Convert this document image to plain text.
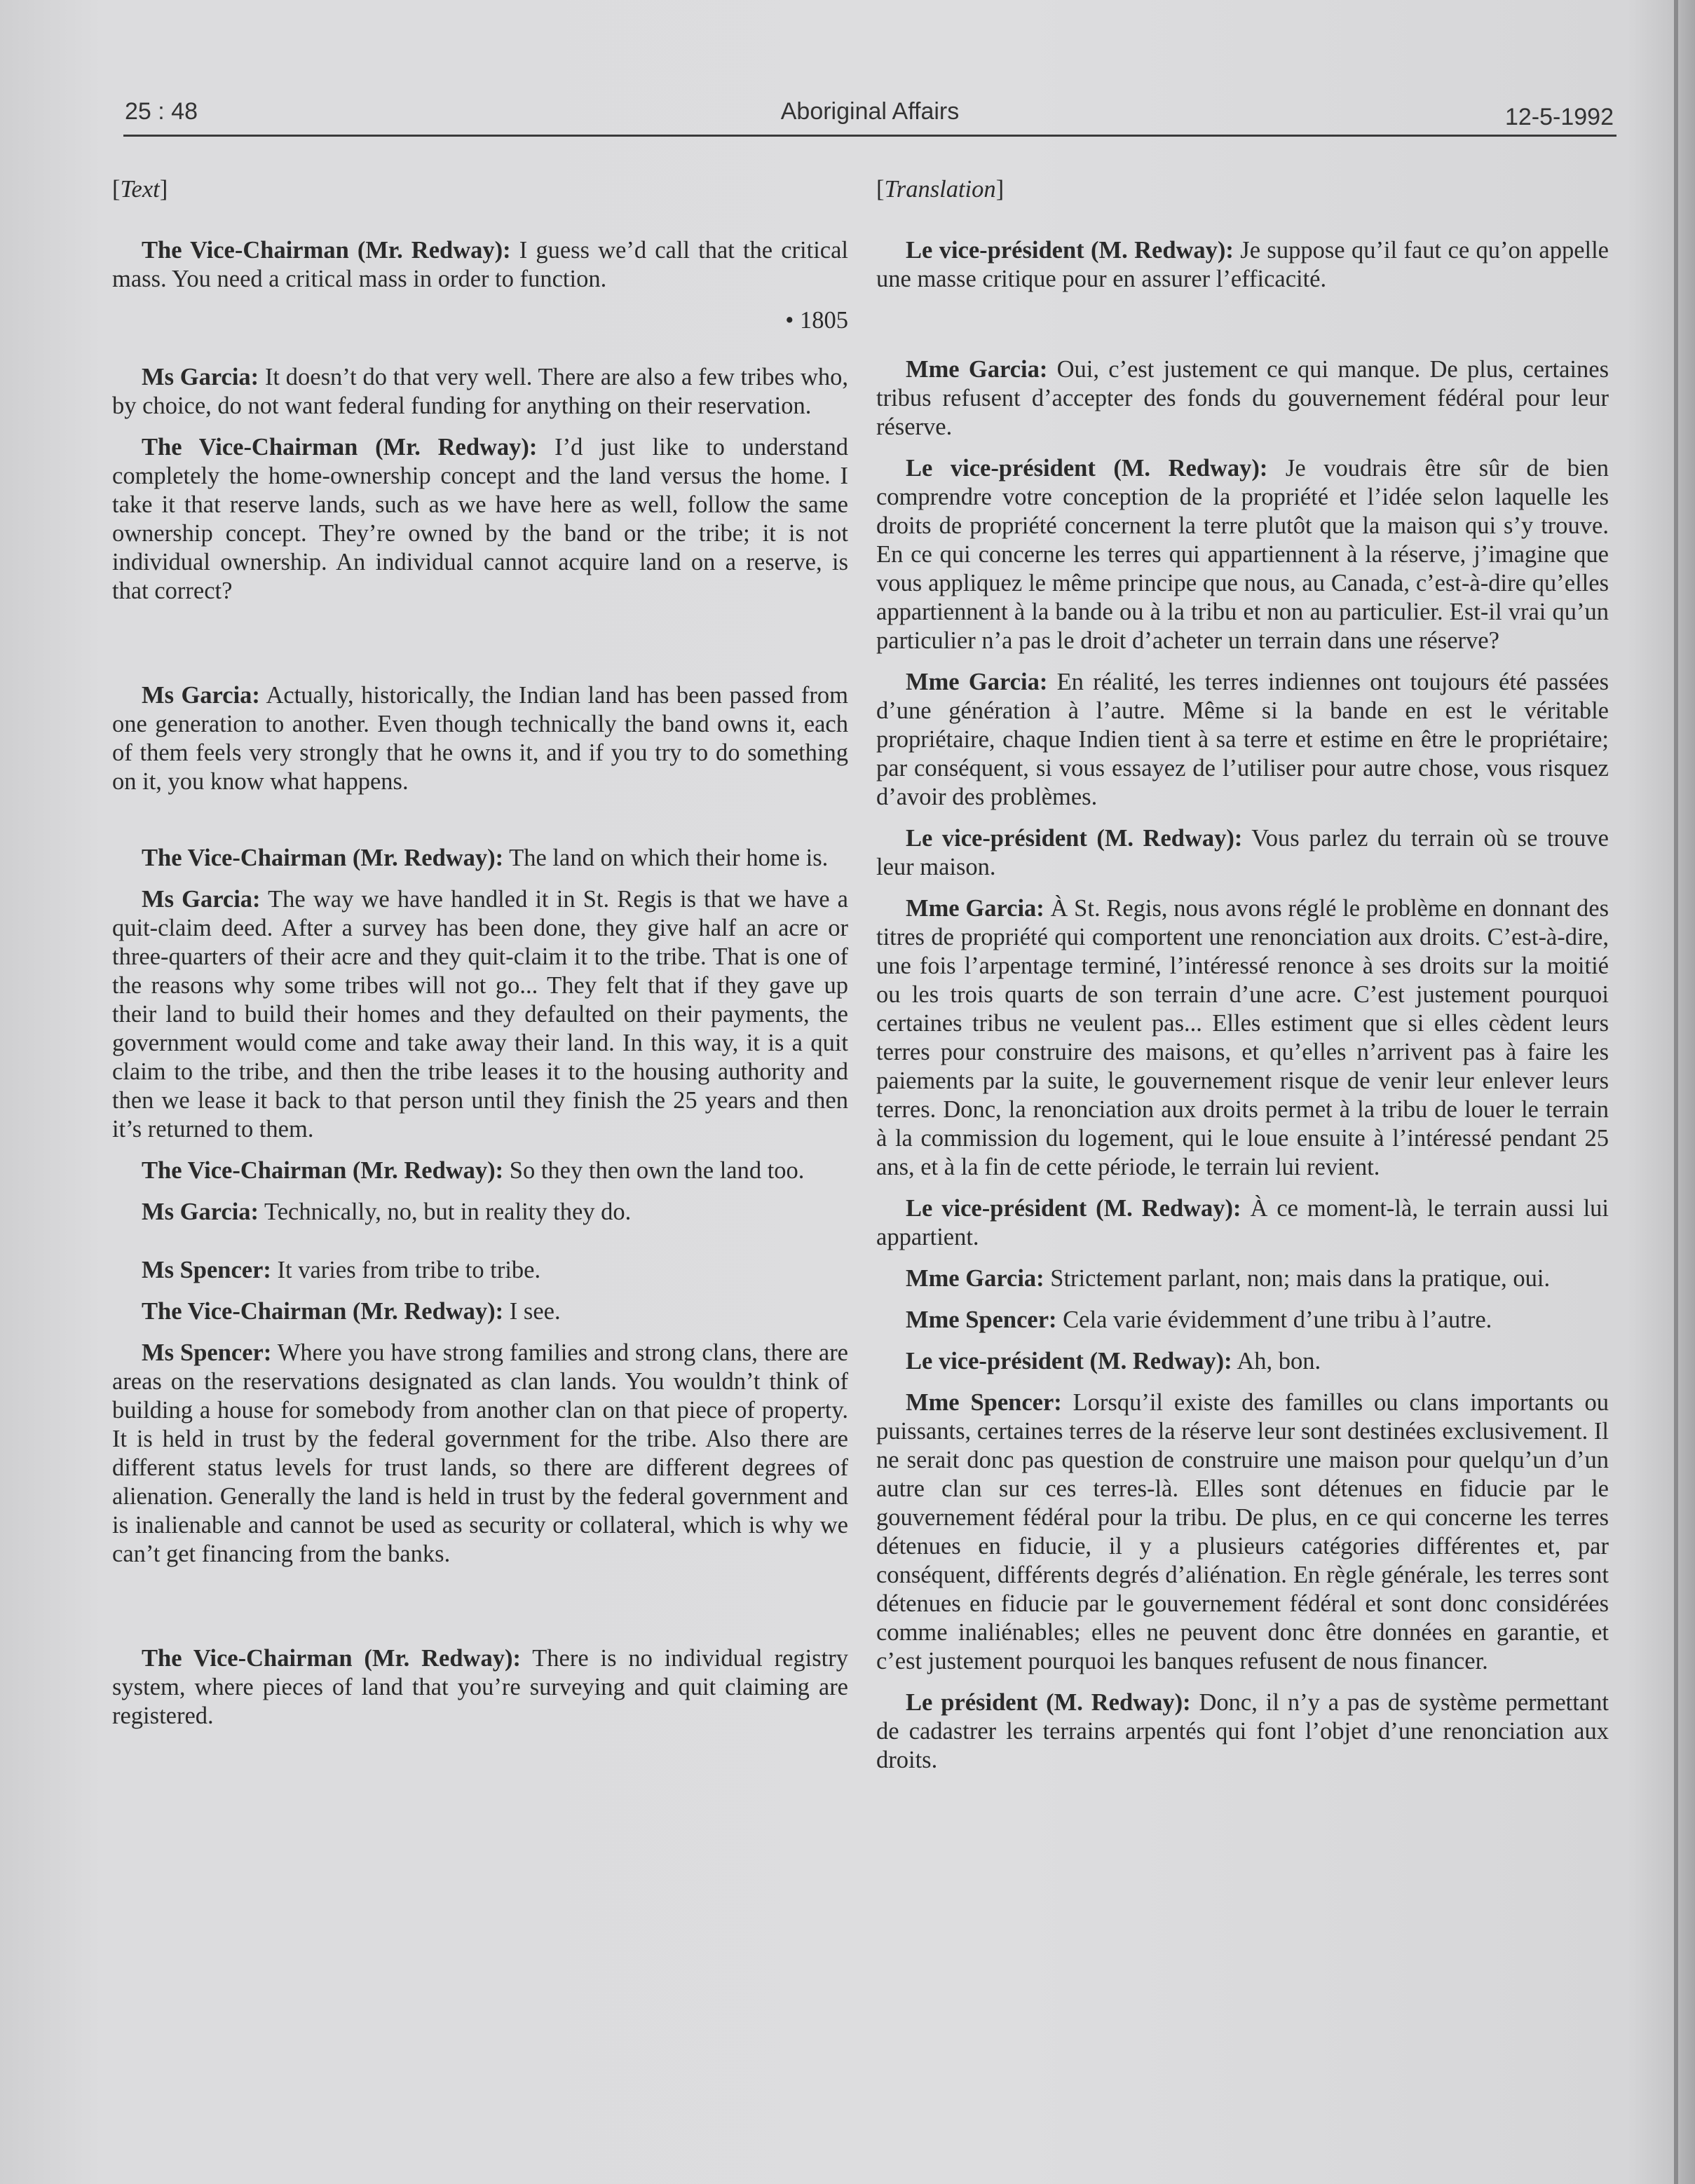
25 : 48	Aboriginal Affairs	12-5-1992

[Text]

The Vice-Chairman (Mr. Redway): I guess we’d call that the critical mass. You need a critical mass in order to function.

• 1805

Ms Garcia: It doesn’t do that very well. There are also a few tribes who, by choice, do not want federal funding for anything on their reservation.

The Vice-Chairman (Mr. Redway): I’d just like to understand completely the home-ownership concept and the land versus the home. I take it that reserve lands, such as we have here as well, follow the same ownership concept. They’re owned by the band or the tribe; it is not individual ownership. An individual cannot acquire land on a reserve, is that correct?

Ms Garcia: Actually, historically, the Indian land has been passed from one generation to another. Even though technically the band owns it, each of them feels very strongly that he owns it, and if you try to do something on it, you know what happens.

The Vice-Chairman (Mr. Redway): The land on which their home is.

Ms Garcia: The way we have handled it in St. Regis is that we have a quit-claim deed. After a survey has been done, they give half an acre or three-quarters of their acre and they quit-claim it to the tribe. That is one of the reasons why some tribes will not go... They felt that if they gave up their land to build their homes and they defaulted on their payments, the government would come and take away their land. In this way, it is a quit claim to the tribe, and then the tribe leases it to the housing authority and then we lease it back to that person until they finish the 25 years and then it’s returned to them.

The Vice-Chairman (Mr. Redway): So they then own the land too.

Ms Garcia: Technically, no, but in reality they do.

Ms Spencer: It varies from tribe to tribe.

The Vice-Chairman (Mr. Redway): I see.

Ms Spencer: Where you have strong families and strong clans, there are areas on the reservations designated as clan lands. You wouldn’t think of building a house for somebody from another clan on that piece of property. It is held in trust by the federal government for the tribe. Also there are different status levels for trust lands, so there are different degrees of alienation. Generally the land is held in trust by the federal government and is inalienable and cannot be used as security or collateral, which is why we can’t get financing from the banks.

The Vice-Chairman (Mr. Redway): There is no individual registry system, where pieces of land that you’re surveying and quit claiming are registered.

[Translation]

Le vice-président (M. Redway): Je suppose qu’il faut ce qu’on appelle une masse critique pour en assurer l’efficacité.

Mme Garcia: Oui, c’est justement ce qui manque. De plus, certaines tribus refusent d’accepter des fonds du gouvernement fédéral pour leur réserve.

Le vice-président (M. Redway): Je voudrais être sûr de bien comprendre votre conception de la propriété et l’idée selon laquelle les droits de propriété concernent la terre plutôt que la maison qui s’y trouve. En ce qui concerne les terres qui appartiennent à la réserve, j’imagine que vous appliquez le même principe que nous, au Canada, c’est-à-dire qu’elles appartiennent à la bande ou à la tribu et non au particulier. Est-il vrai qu’un particulier n’a pas le droit d’acheter un terrain dans une réserve?

Mme Garcia: En réalité, les terres indiennes ont toujours été passées d’une génération à l’autre. Même si la bande en est le véritable propriétaire, chaque Indien tient à sa terre et estime en être le propriétaire; par conséquent, si vous essayez de l’utiliser pour autre chose, vous risquez d’avoir des problèmes.

Le vice-président (M. Redway): Vous parlez du terrain où se trouve leur maison.

Mme Garcia: À St. Regis, nous avons réglé le problème en donnant des titres de propriété qui comportent une renonciation aux droits. C’est-à-dire, une fois l’arpentage terminé, l’intéressé renonce à ses droits sur la moitié ou les trois quarts de son terrain d’une acre. C’est justement pourquoi certaines tribus ne veulent pas... Elles estiment que si elles cèdent leurs terres pour construire des maisons, et qu’elles n’arrivent pas à faire les paiements par la suite, le gouvernement risque de venir leur enlever leurs terres. Donc, la renonciation aux droits permet à la tribu de louer le terrain à la commission du logement, qui le loue ensuite à l’intéressé pendant 25 ans, et à la fin de cette période, le terrain lui revient.

Le vice-président (M. Redway): À ce moment-là, le terrain aussi lui appartient.

Mme Garcia: Strictement parlant, non; mais dans la pratique, oui.

Mme Spencer: Cela varie évidemment d’une tribu à l’autre.

Le vice-président (M. Redway): Ah, bon.

Mme Spencer: Lorsqu’il existe des familles ou clans importants ou puissants, certaines terres de la réserve leur sont destinées exclusivement. Il ne serait donc pas question de construire une maison pour quelqu’un d’un autre clan sur ces terres-là. Elles sont détenues en fiducie par le gouvernement fédéral pour la tribu. De plus, en ce qui concerne les terres détenues en fiducie, il y a plusieurs catégories différentes et, par conséquent, différents degrés d’aliénation. En règle générale, les terres sont détenues en fiducie par le gouvernement fédéral et sont donc considérées comme inaliénables; elles ne peuvent donc être données en garantie, et c’est justement pourquoi les banques refusent de nous financer.

Le président (M. Redway): Donc, il n’y a pas de système permettant de cadastrer les terrains arpentés qui font l’objet d’une renonciation aux droits.
